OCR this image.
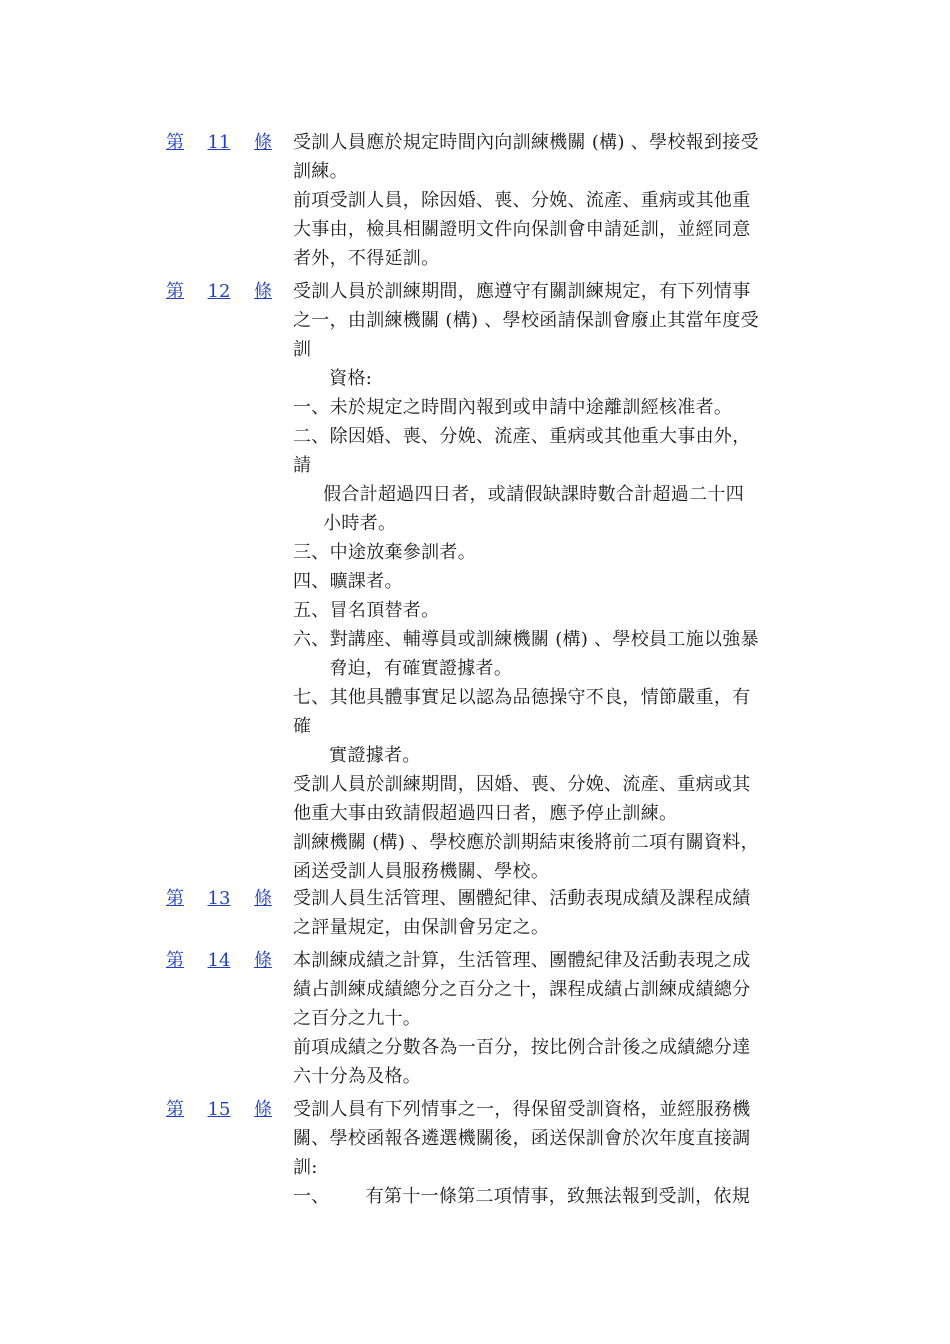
第 11 條 受訓人員應於規定時間內向訓練機關 (構) 、學校報到接受

訓練。

前項受訓人員，除因婚、喪、分娩、流產、重病或其他重

大事由，檢具相關證明文件向保訓會申請延訓，並經同意

者外，不得延訓。

第 12 條 受訓人員於訓練期間，應遵守有關訓練規定，有下列情事

之一，由訓練機關 (構) 、學校函請保訓會廢止其當年度受

訓

資格:

一、未於規定之時間內報到或申請中途離訓經核准者。

二、除因婚、喪、分娩、流產、重病或其他重大事由外，

請

假合計超過四日者，或請假缺課時數合計超過二十四

小時者。

三、中途放棄參訓者。

四、曠課者。

五、冒名頂替者。

六、對講座、輔導員或訓練機關 (構) 、學校員工施以強暴

脅迫，有確實證據者。

七、其他具體事實足以認為品德操守不良，情節嚴重，有

確

實證據者。

受訓人員於訓練期間，因婚、喪、分娩、流產、重病或其

他重大事由致請假超過四日者，應予停止訓練。

訓練機關 (構) 、學校應於訓期結束後將前二項有關資料，

函送受訓人員服務機關、學校。

第 13 條 受訓人員生活管理、團體紀律、活動表現成績及課程成績

之評量規定，由保訓會另定之。

第 14 條 本訓練成績之計算，生活管理、團體紀律及活動表現之成

績占訓練成績總分之百分之十，課程成績占訓練成績總分

之百分之九十。

前項成績之分數各為一百分，按比例合計後之成績總分達

六十分為及格。

第 15 條 受訓人員有下列情事之一，得保留受訓資格，並經服務機

關、學校函報各遴選機關後，函送保訓會於次年度直接調

訓:

一、      有第十一條第二項情事，致無法報到受訓，依規
